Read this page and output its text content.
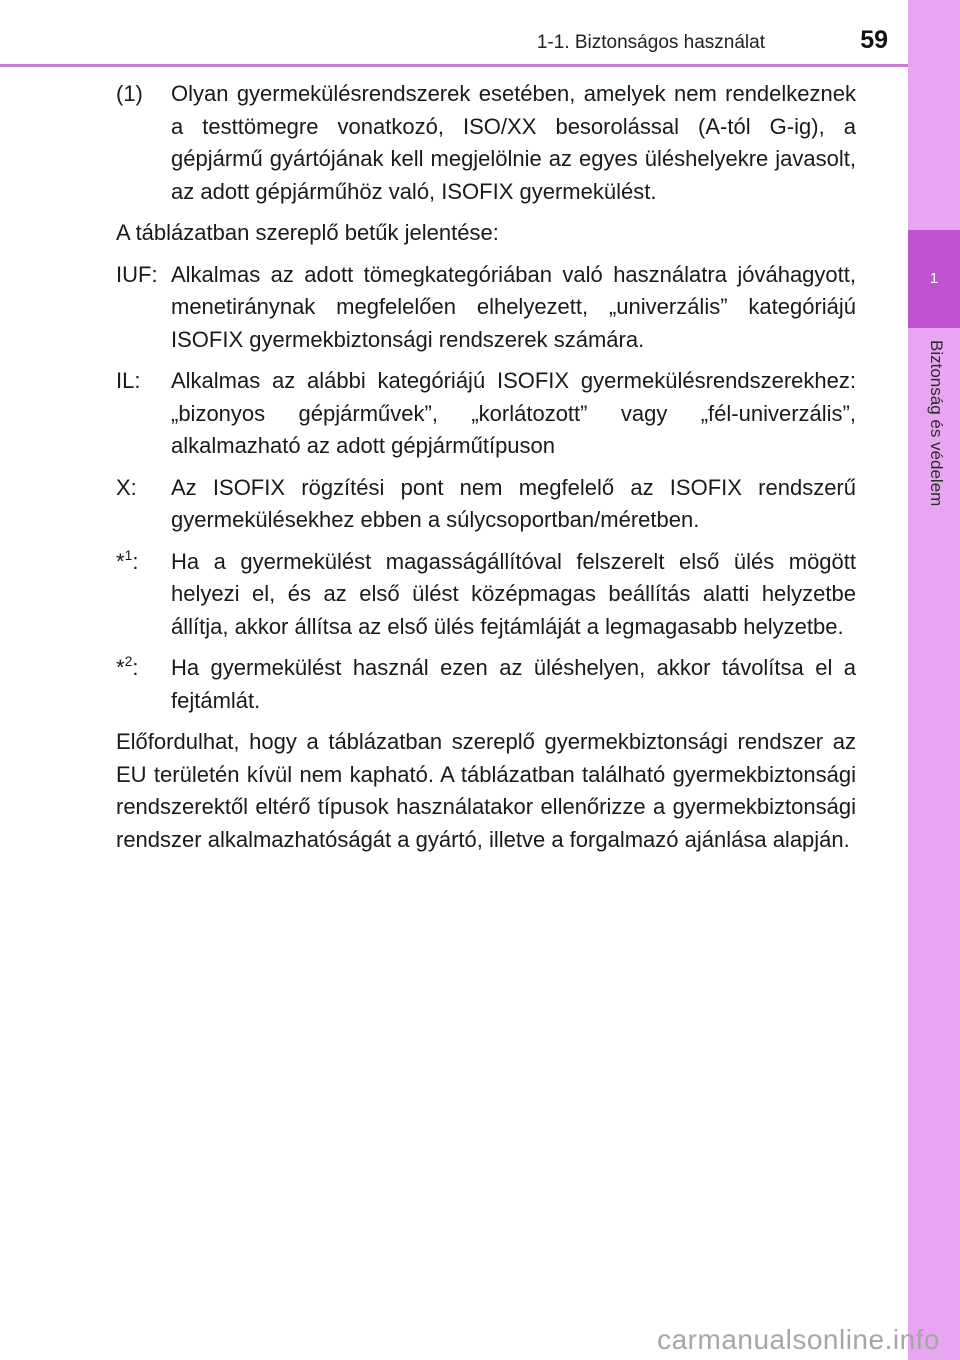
1-1. Biztonságos használat	59
1
Biztonság és védelem
(1)	Olyan gyermekülésrendszerek esetében, amelyek nem rendelkeznek a testtömegre vonatkozó, ISO/XX besorolással (A-tól G-ig), a gépjármű gyártójának kell megjelölnie az egyes üléshelyekre javasolt, az adott gépjárműhöz való, ISOFIX gyermekülést.

A táblázatban szereplő betűk jelentése:

IUF: Alkalmas az adott tömegkategóriában való használatra jóváhagyott, menetiránynak megfelelően elhelyezett, „univerzális” kategóriájú ISOFIX gyermekbiztonsági rendszerek számára.
IL:	Alkalmas az alábbi kategóriájú ISOFIX gyermekülésrendszerekhez: „bizonyos gépjárművek”, „korlátozott” vagy „fél-univerzális”, alkalmazható az adott gépjárműtípuson
X:	Az ISOFIX rögzítési pont nem megfelelő az ISOFIX rendszerű gyermekülésekhez ebben a súlycsoportban/méretben.
*$^1$:	Ha a gyermekülést magasságállítóval felszerelt első ülés mögött helyezi el, és az első ülést középmagas beállítás alatti helyzetbe állítja, akkor állítsa az első ülés fejtámláját a legmagasabb helyzetbe.
*$^2$:	Ha gyermekülést használ ezen az üléshelyen, akkor távolítsa el a fejtámlát.

Előfordulhat, hogy a táblázatban szereplő gyermekbiztonsági rendszer az EU területén kívül nem kapható. A táblázatban található gyermekbiztonsági rendszerektől eltérő típusok használatakor ellenőrizze a gyermekbiztonsági rendszer alkalmazhatóságát a gyártó, illetve a forgalmazó ajánlása alapján.

carmanualsonline.info
